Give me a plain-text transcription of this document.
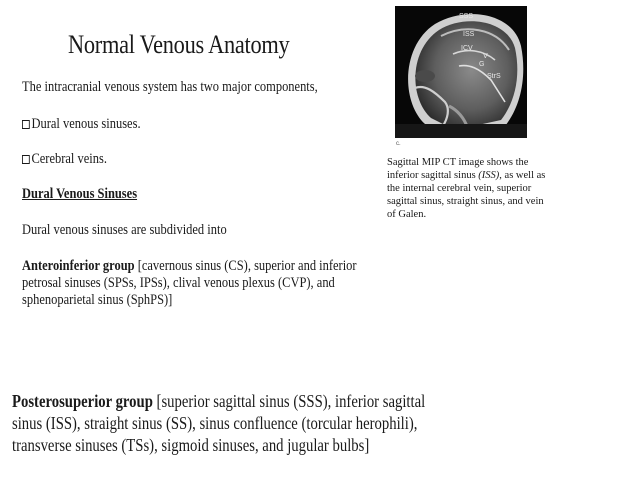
Normal Venous Anatomy
The intracranial venous system has two major components,
Dural venous sinuses.
Cerebral veins.
Dural Venous Sinuses
Dural venous sinuses are subdivided into
Anteroinferior group [cavernous sinus (CS), superior and inferior
petrosal sinuses (SPSs, IPSs), clival venous plexus (CVP), and
sphenoparietal sinus (SphPS)]
Posterosuperior group [superior sagittal sinus (SSS), inferior sagittal
sinus (ISS), straight sinus (SS), sinus confluence (torcular herophili),
transverse sinuses (TSs), sigmoid sinuses, and jugular bulbs]
SSS
ISS
ICV
V
G
StrS
c.

Sagittal MIP CT image shows the

inferior sagittal sinus (ISS), as well as

the internal cerebral vein, superior

sagittal sinus, straight sinus, and vein

of Galen.
